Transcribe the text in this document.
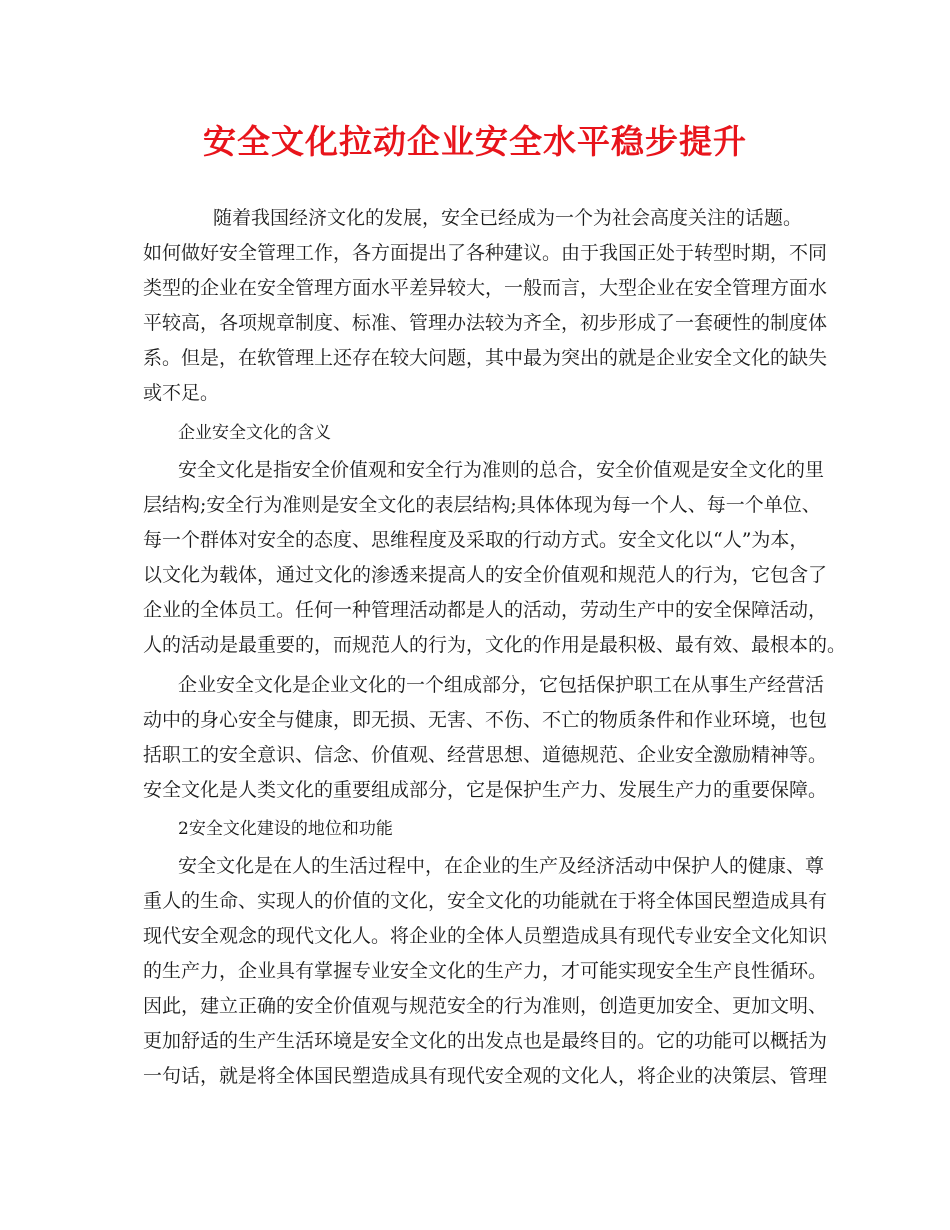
安全文化拉动企业安全水平稳步提升

随着我国经济文化的发展，安全已经成为一个为社会高度关注的话题。

如何做好安全管理工作，各方面提出了各种建议。由于我国正处于转型时期，不同

类型的企业在安全管理方面水平差异较大，一般而言，大型企业在安全管理方面水

平较高，各项规章制度、标准、管理办法较为齐全，初步形成了一套硬性的制度体

系。但是，在软管理上还存在较大问题，其中最为突出的就是企业安全文化的缺失

或不足。

企业安全文化的含义

安全文化是指安全价值观和安全行为准则的总合，安全价值观是安全文化的里

层结构;安全行为准则是安全文化的表层结构;具体体现为每一个人、每一个单位、

每一个群体对安全的态度、思维程度及采取的行动方式。安全文化以“人”为本，

以文化为载体，通过文化的渗透来提高人的安全价值观和规范人的行为，它包含了

企业的全体员工。任何一种管理活动都是人的活动，劳动生产中的安全保障活动，

人的活动是最重要的，而规范人的行为，文化的作用是最积极、最有效、最根本的。

企业安全文化是企业文化的一个组成部分，它包括保护职工在从事生产经营活

动中的身心安全与健康，即无损、无害、不伤、不亡的物质条件和作业环境，也包

括职工的安全意识、信念、价值观、经营思想、道德规范、企业安全激励精神等。

安全文化是人类文化的重要组成部分，它是保护生产力、发展生产力的重要保障。

2安全文化建设的地位和功能

安全文化是在人的生活过程中，在企业的生产及经济活动中保护人的健康、尊

重人的生命、实现人的价值的文化，安全文化的功能就在于将全体国民塑造成具有

现代安全观念的现代文化人。将企业的全体人员塑造成具有现代专业安全文化知识

的生产力，企业具有掌握专业安全文化的生产力，才可能实现安全生产良性循环。

因此，建立正确的安全价值观与规范安全的行为准则，创造更加安全、更加文明、

更加舒适的生产生活环境是安全文化的出发点也是最终目的。它的功能可以概括为

一句话，就是将全体国民塑造成具有现代安全观的文化人，将企业的决策层、管理
